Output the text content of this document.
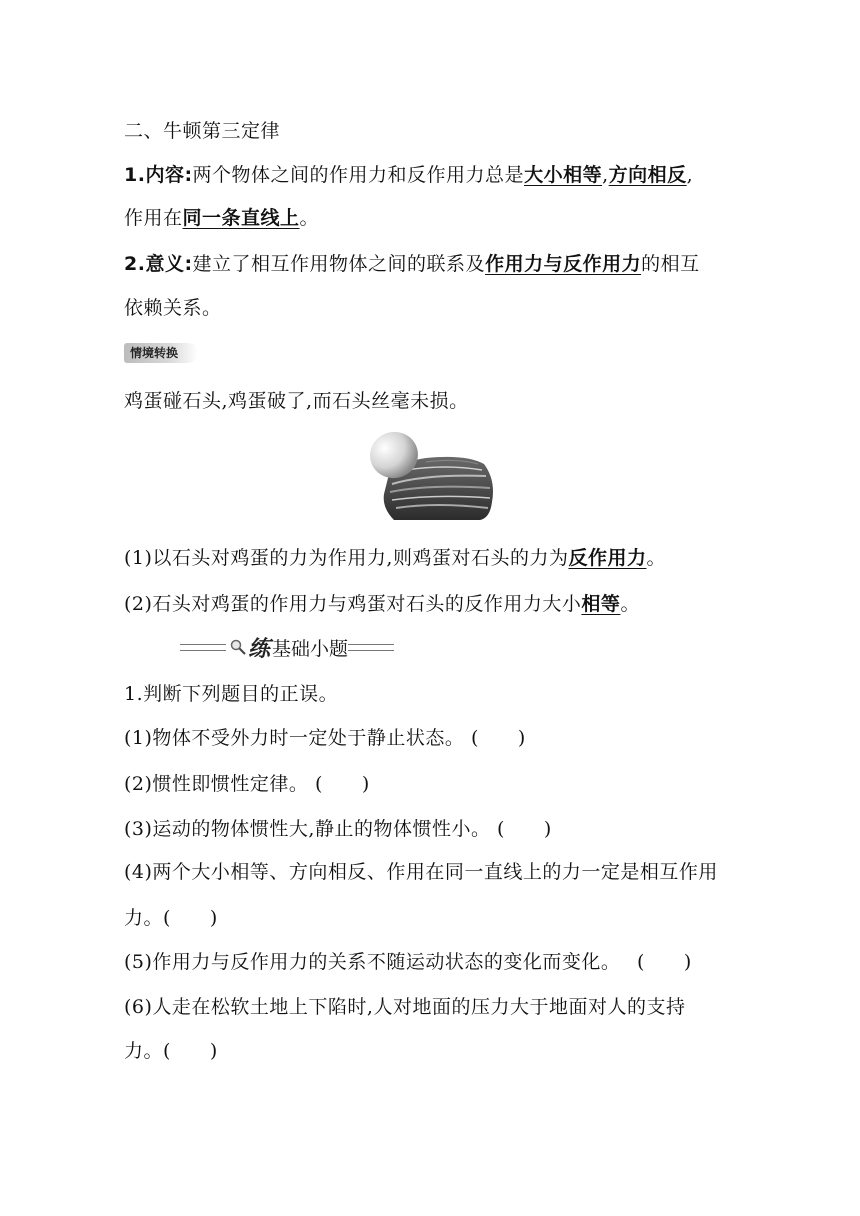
二、牛顿第三定律
1.内容:两个物体之间的作用力和反作用力总是大小相等,方向相反,
作用在同一条直线上。
2.意义:建立了相互作用物体之间的联系及作用力与反作用力的相互
依赖关系。
情境转换
鸡蛋碰石头,鸡蛋破了,而石头丝毫未损。
(1)以石头对鸡蛋的力为作用力,则鸡蛋对石头的力为反作用力。
(2)石头对鸡蛋的作用力与鸡蛋对石头的反作用力大小相等。
练 基础小题
1.判断下列题目的正误。
(1)物体不受外力时一定处于静止状态。 (　　)
(2)惯性即惯性定律。 (　　)
(3)运动的物体惯性大,静止的物体惯性小。 (　　)
(4)两个大小相等、方向相反、作用在同一直线上的力一定是相互作用
力。(　　)
(5)作用力与反作用力的关系不随运动状态的变化而变化。　 (　　)
(6)人走在松软土地上下陷时,人对地面的压力大于地面对人的支持
力。(　　)
